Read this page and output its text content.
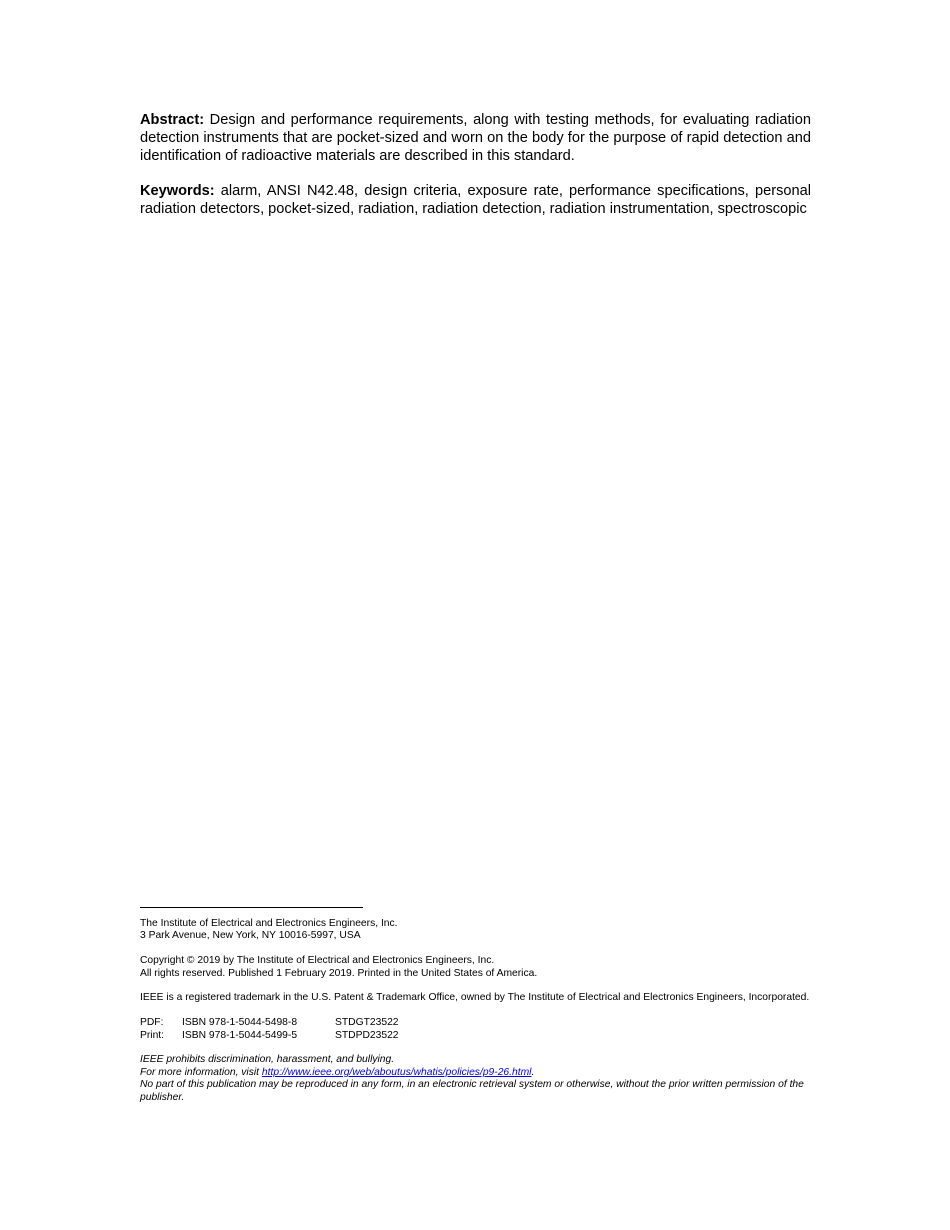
Abstract: Design and performance requirements, along with testing methods, for evaluating radiation detection instruments that are pocket-sized and worn on the body for the purpose of rapid detection and identification of radioactive materials are described in this standard.

Keywords: alarm, ANSI N42.48, design criteria, exposure rate, performance specifications, personal radiation detectors, pocket-sized, radiation, radiation detection, radiation instrumentation, spectroscopic

The Institute of Electrical and Electronics Engineers, Inc.

3 Park Avenue, New York, NY 10016-5997, USA

Copyright © 2019 by The Institute of Electrical and Electronics Engineers, Inc.

All rights reserved. Published 1 February 2019. Printed in the United States of America.

IEEE is a registered trademark in the U.S. Patent & Trademark Office, owned by The Institute of Electrical and Electronics Engineers, Incorporated.

PDF:	ISBN 978-1-5044-5498-8	STDGT23522
Print:	ISBN 978-1-5044-5499-5	STDPD23522

IEEE prohibits discrimination, harassment, and bullying.

For more information, visit http://www.ieee.org/web/aboutus/whatis/policies/p9-26.html.

No part of this publication may be reproduced in any form, in an electronic retrieval system or otherwise, without the prior written permission of the publisher.
